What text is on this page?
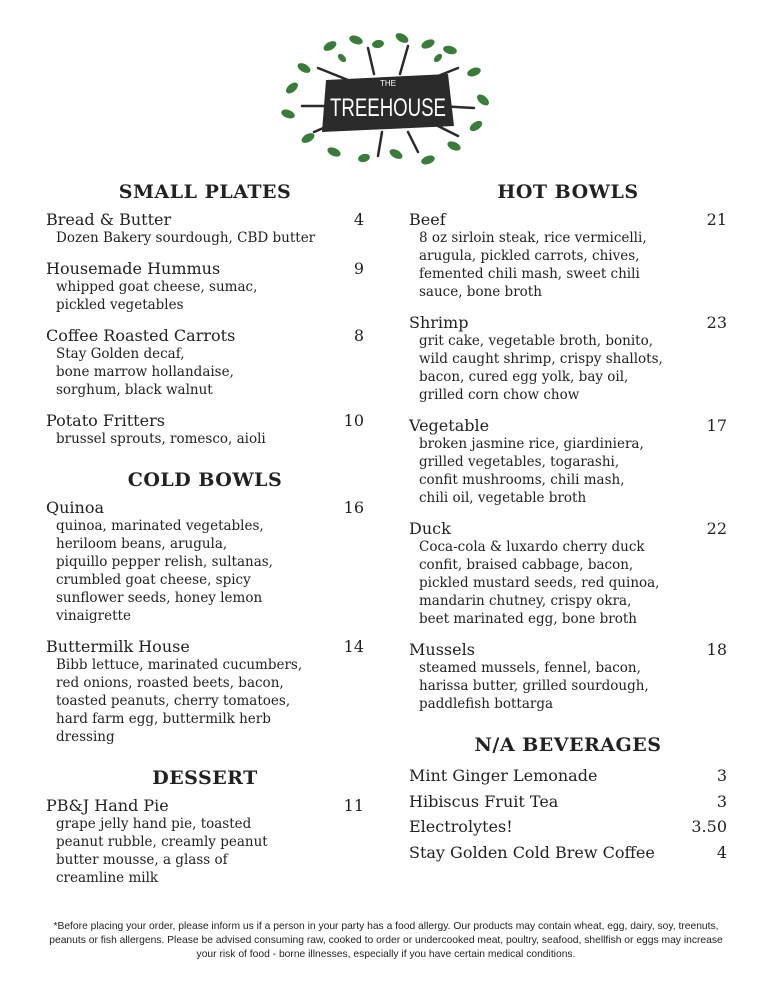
THE
TREEHOUSE
SMALL PLATES
Bread & Butter	4
Dozen Bakery sourdough, CBD butter
Housemade Hummus	9
whipped goat cheese, sumac,
pickled vegetables
Coffee Roasted Carrots	8
Stay Golden decaf,
bone marrow hollandaise,
sorghum, black walnut
Potato Fritters	10
brussel sprouts, romesco, aioli
COLD BOWLS
Quinoa	16
quinoa, marinated vegetables,
heriloom beans, arugula,
piquillo pepper relish, sultanas,
crumbled goat cheese, spicy
sunflower seeds, honey lemon
vinaigrette
Buttermilk House	14
Bibb lettuce, marinated cucumbers,
red onions, roasted beets, bacon,
toasted peanuts, cherry tomatoes,
hard farm egg, buttermilk herb
dressing
DESSERT
PB&J Hand Pie	11
grape jelly hand pie, toasted
peanut rubble, creamly peanut
butter mousse, a glass of
creamline milk
HOT BOWLS
Beef	21
8 oz sirloin steak, rice vermicelli,
arugula, pickled carrots, chives,
femented chili mash, sweet chili
sauce, bone broth
Shrimp	23
grit cake, vegetable broth, bonito,
wild caught shrimp, crispy shallots,
bacon, cured egg yolk, bay oil,
grilled corn chow chow
Vegetable	17
broken jasmine rice, giardiniera,
grilled vegetables, togarashi,
confit mushrooms, chili mash,
chili oil, vegetable broth
Duck	22
Coca-cola & luxardo cherry duck
confit, braised cabbage, bacon,
pickled mustard seeds, red quinoa,
mandarin chutney, crispy okra,
beet marinated egg, bone broth
Mussels	18
steamed mussels, fennel, bacon,
harissa butter, grilled sourdough,
paddlefish bottarga
N/A BEVERAGES
Mint Ginger Lemonade	3
Hibiscus Fruit Tea	3
Electrolytes!	3.50
Stay Golden Cold Brew Coffee	4
*Before placing your order, please inform us if a person in your party has a food allergy. Our products may contain wheat, egg, dairy, soy, treenuts,
peanuts or fish allergens. Please be advised consuming raw, cooked to order or undercooked meat, poultry, seafood, shellfish or eggs may increase
your risk of food - borne illnesses, especially if you have certain medical conditions.
